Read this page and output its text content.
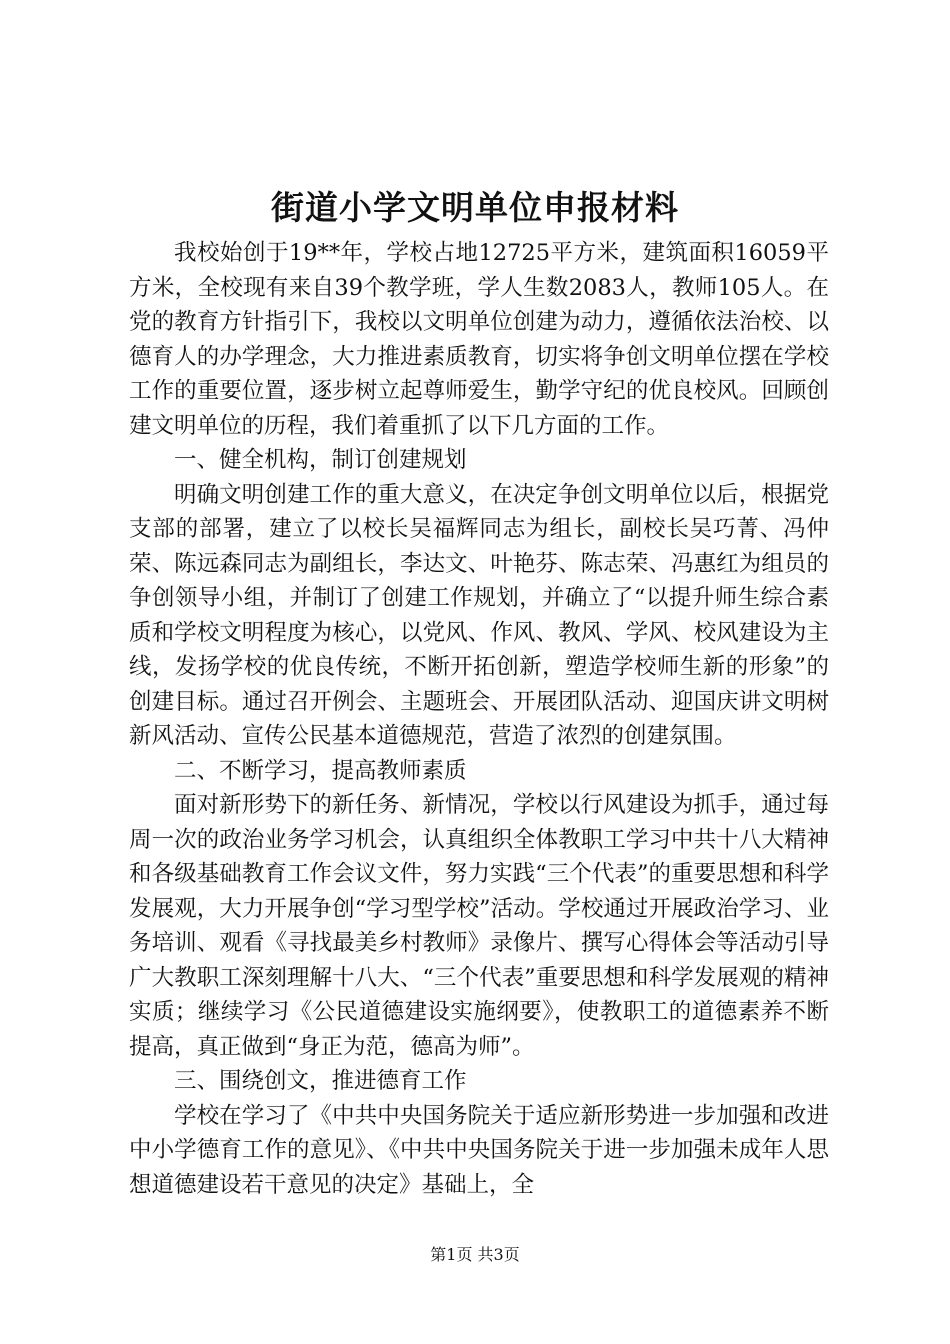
街道小学文明单位申报材料

我校始创于19**年，学校占地12725平方米，建筑面积16059平方米，全校现有来自39个教学班，学人生数2083人，教师105人。在党的教育方针指引下，我校以文明单位创建为动力，遵循依法治校、以德育人的办学理念，大力推进素质教育，切实将争创文明单位摆在学校工作的重要位置，逐步树立起尊师爱生，勤学守纪的优良校风。回顾创建文明单位的历程，我们着重抓了以下几方面的工作。

一、健全机构，制订创建规划

明确文明创建工作的重大意义，在决定争创文明单位以后，根据党支部的部署，建立了以校长吴福辉同志为组长，副校长吴巧菁、冯仲荣、陈远森同志为副组长，李达文、叶艳芬、陈志荣、冯惠红为组员的争创领导小组，并制订了创建工作规划，并确立了“以提升师生综合素质和学校文明程度为核心，以党风、作风、教风、学风、校风建设为主线，发扬学校的优良传统，不断开拓创新，塑造学校师生新的形象”的创建目标。通过召开例会、主题班会、开展团队活动、迎国庆讲文明树新风活动、宣传公民基本道德规范，营造了浓烈的创建氛围。

二、不断学习，提高教师素质

面对新形势下的新任务、新情况，学校以行风建设为抓手，通过每周一次的政治业务学习机会，认真组织全体教职工学习中共十八大精神和各级基础教育工作会议文件，努力实践“三个代表”的重要思想和科学发展观，大力开展争创“学习型学校”活动。学校通过开展政治学习、业务培训、观看《寻找最美乡村教师》录像片、撰写心得体会等活动引导广大教职工深刻理解十八大、“三个代表”重要思想和科学发展观的精神实质；继续学习《公民道德建设实施纲要》，使教职工的道德素养不断提高，真正做到“身正为范，德高为师”。

三、围绕创文，推进德育工作

学校在学习了《中共中央国务院关于适应新形势进一步加强和改进中小学德育工作的意见》、《中共中央国务院关于进一步加强未成年人思想道德建设若干意见的决定》基础上，全

第1页 共3页
